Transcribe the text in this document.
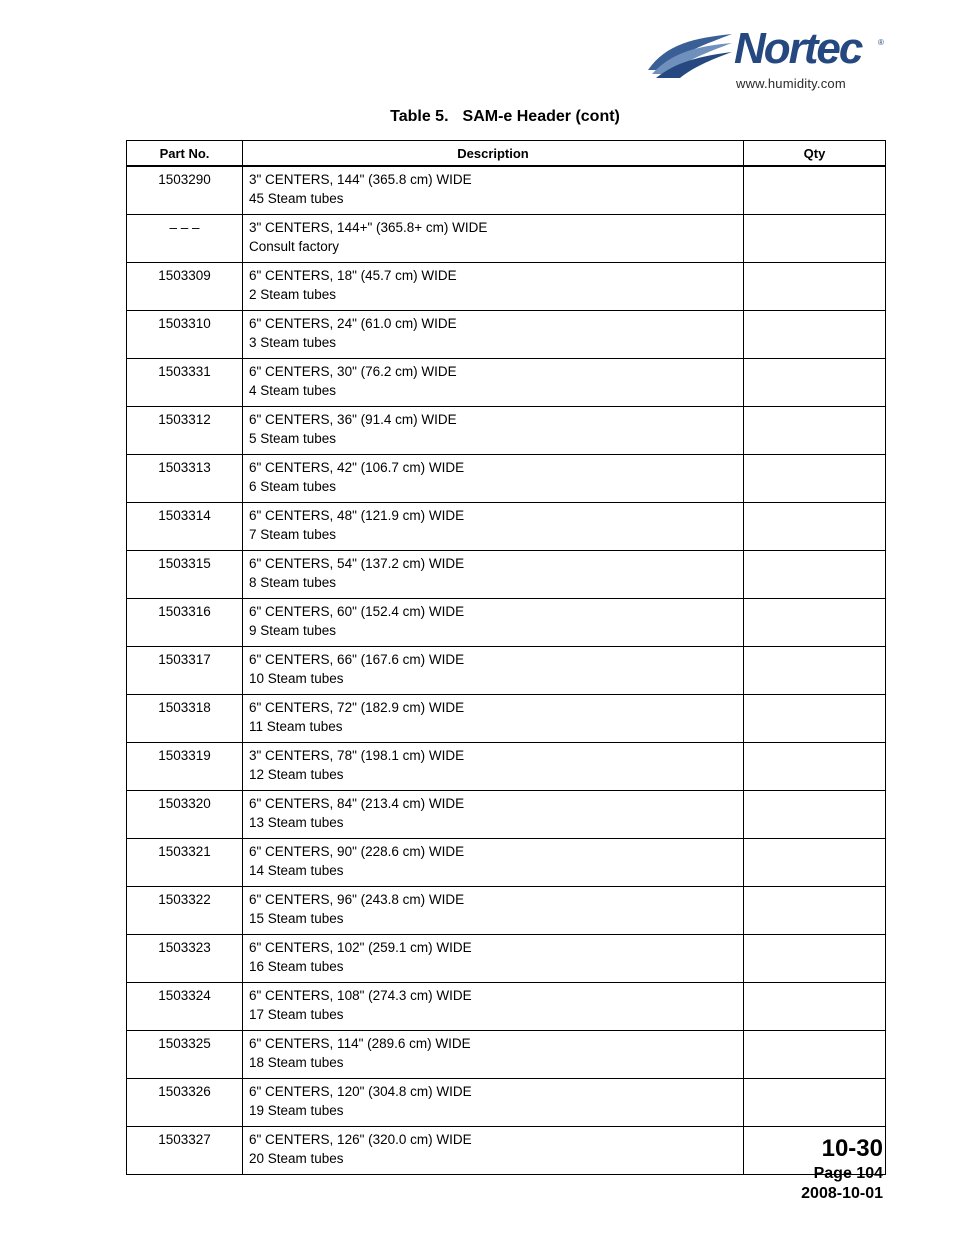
Nortec ®
www.humidity.com
Table 5. SAM-e Header (cont)
Part No.	Description	Qty

1503290	3" CENTERS, 144" (365.8 cm) WIDE
45 Steam tubes	

– – –	3" CENTERS, 144+" (365.8+ cm) WIDE
Consult factory	

1503309	6" CENTERS, 18" (45.7 cm) WIDE
2 Steam tubes	

1503310	6" CENTERS, 24" (61.0 cm) WIDE
3 Steam tubes	

1503331	6" CENTERS, 30" (76.2 cm) WIDE
4 Steam tubes	

1503312	6" CENTERS, 36" (91.4 cm) WIDE
5 Steam tubes	

1503313	6" CENTERS, 42" (106.7 cm) WIDE
6 Steam tubes	

1503314	6" CENTERS, 48" (121.9 cm) WIDE
7 Steam tubes	

1503315	6" CENTERS, 54" (137.2 cm) WIDE
8 Steam tubes	

1503316	6" CENTERS, 60" (152.4 cm) WIDE
9 Steam tubes	

1503317	6" CENTERS, 66" (167.6 cm) WIDE
10 Steam tubes	

1503318	6" CENTERS, 72" (182.9 cm) WIDE
11 Steam tubes	

1503319	3" CENTERS, 78" (198.1 cm) WIDE
12 Steam tubes	

1503320	6" CENTERS, 84" (213.4 cm) WIDE
13 Steam tubes	

1503321	6" CENTERS, 90" (228.6 cm) WIDE
14 Steam tubes	

1503322	6" CENTERS, 96" (243.8 cm) WIDE
15 Steam tubes	

1503323	6" CENTERS, 102" (259.1 cm) WIDE
16 Steam tubes	

1503324	6" CENTERS, 108" (274.3 cm) WIDE
17 Steam tubes	

1503325	6" CENTERS, 114" (289.6 cm) WIDE
18 Steam tubes	

1503326	6" CENTERS, 120" (304.8 cm) WIDE
19 Steam tubes	

1503327	6" CENTERS, 126" (320.0 cm) WIDE
20 Steam tubes	
		10-30
Page 104
2008-10-01
